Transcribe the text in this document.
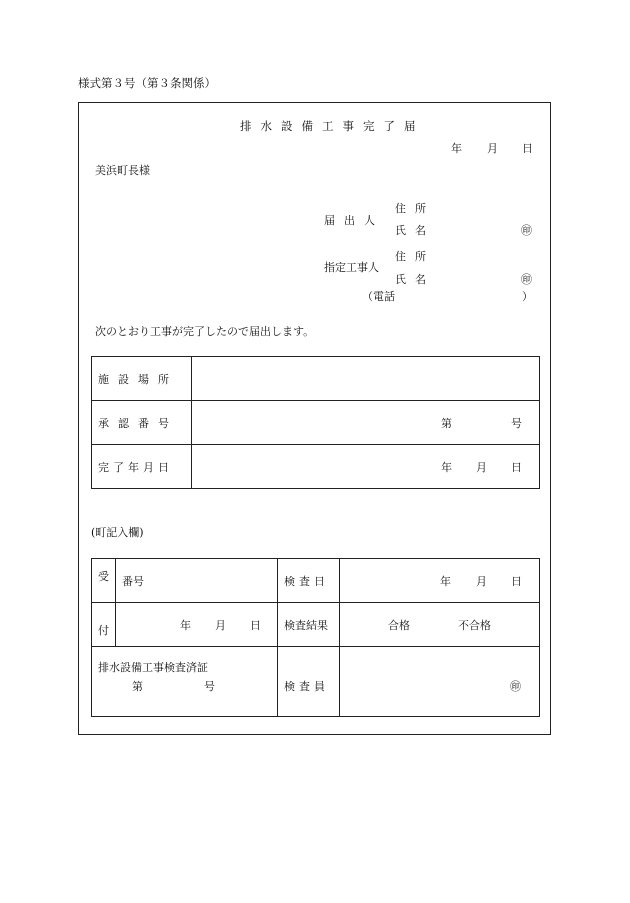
様式第３号（第３条関係）
排水設備工事完了届
年 月 日
美浜町長様
届出人
住所
氏名	㊞
指定工事人
住所
氏名	㊞
（電話	）
次のとおり工事が完了したので届出します。
施設場所	

承認番号	第 号

完了年月日	年 月 日
(町記入欄)
受	番号	検査日	年 月 日

付	年 月 日	検査結果	合格 不合格

排水設備工事検査済証
第 号		検査員	㊞
